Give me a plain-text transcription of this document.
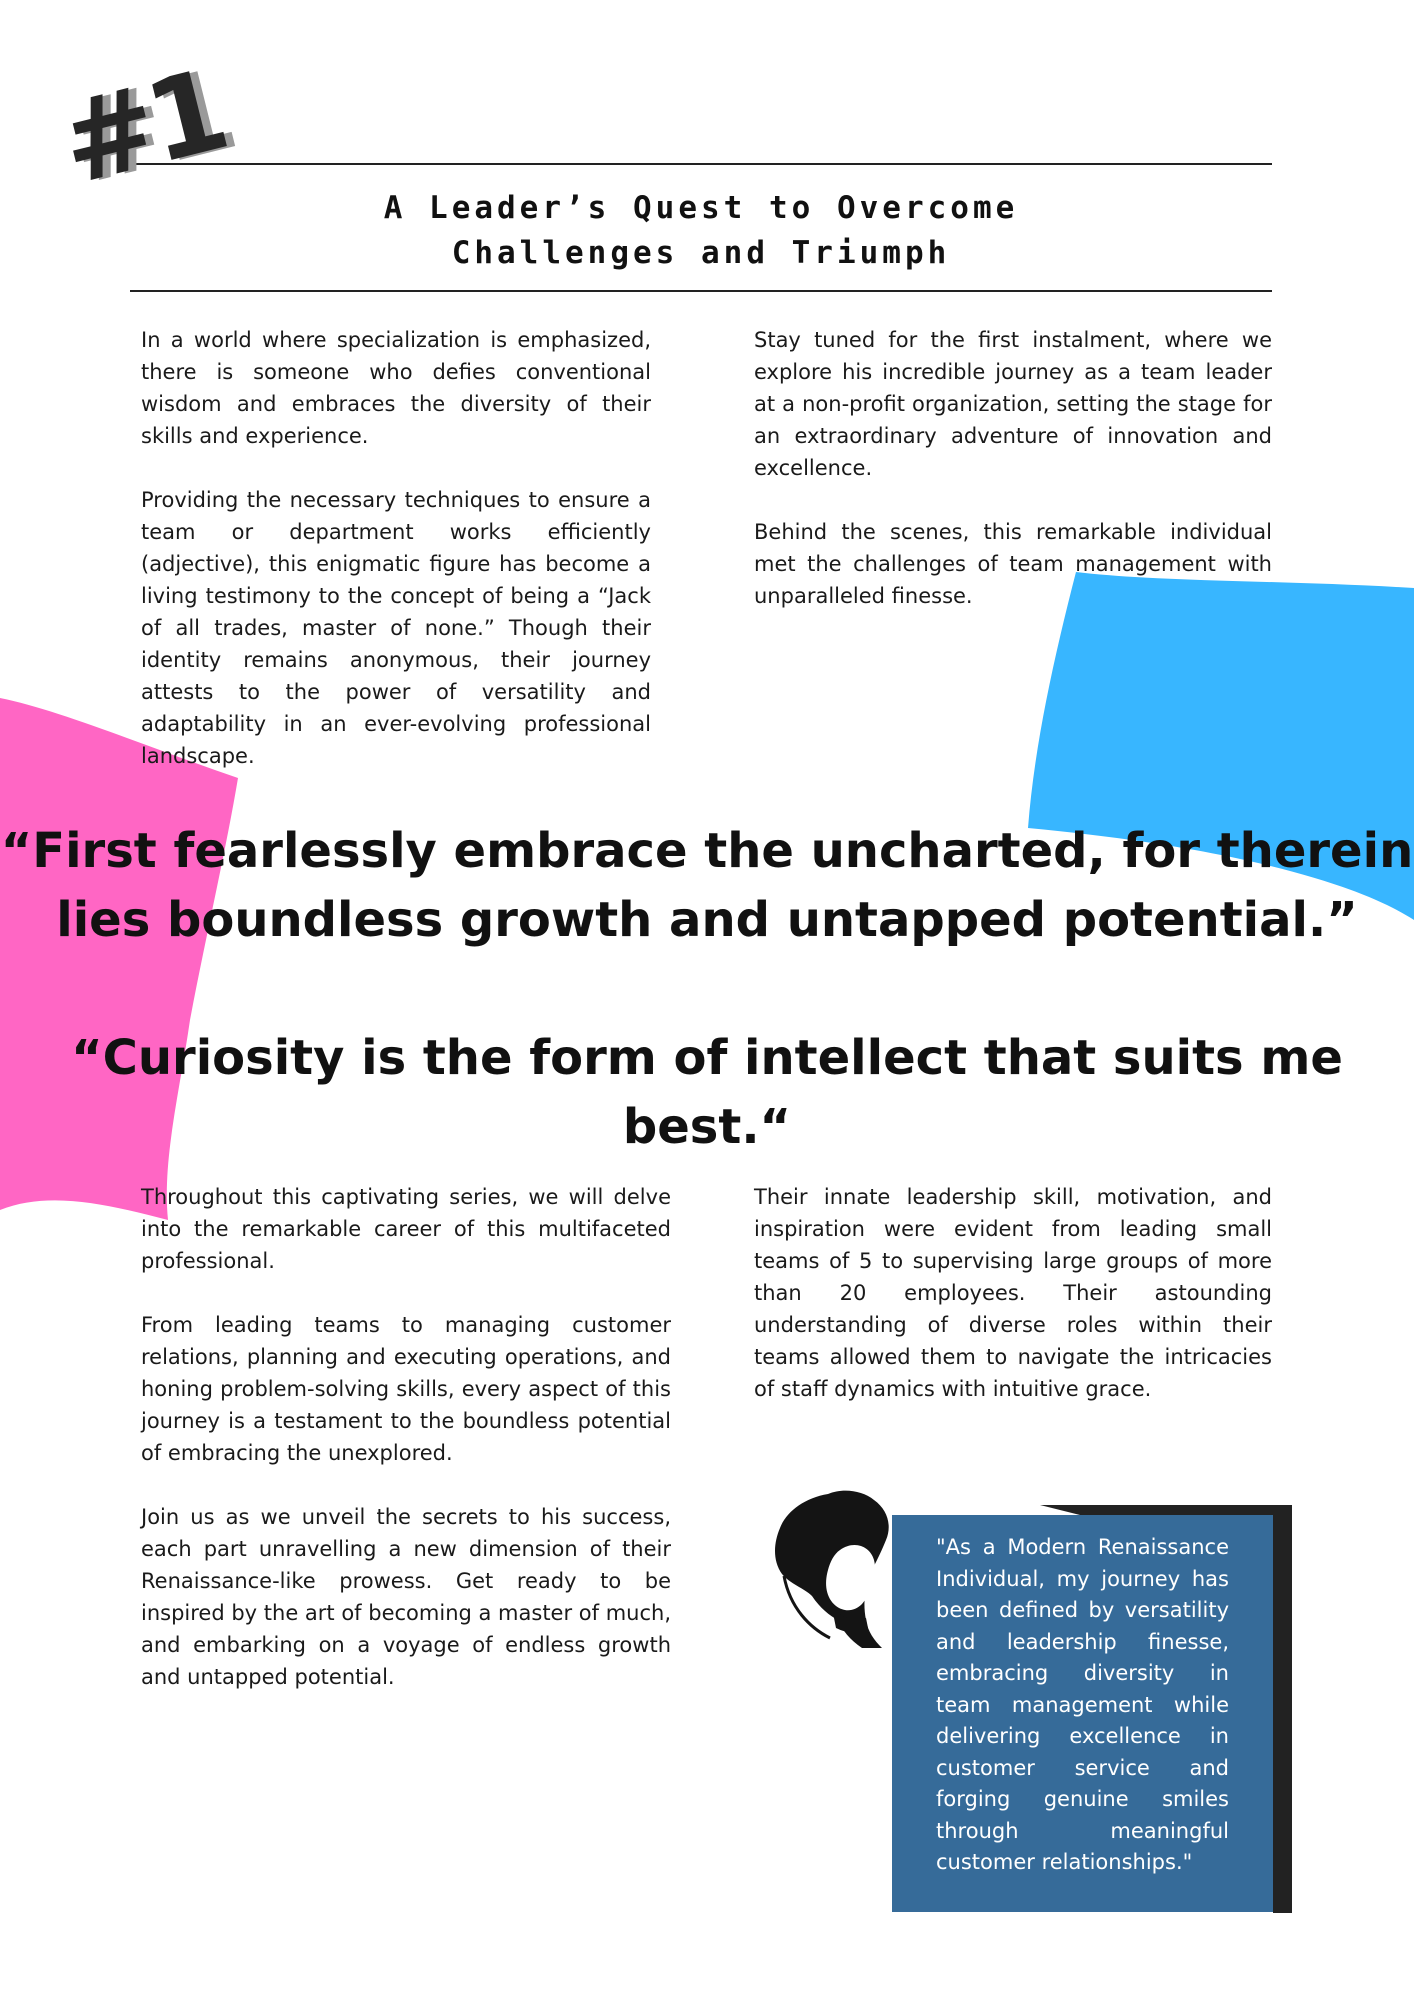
#1	A Leader’s Quest to Overcome
Challenges and Triumph

In a world where specialization is emphasized, there is someone who defies conventional wisdom and embraces the diversity of their skills and experience.

Providing the necessary techniques to ensure a team or department works efficiently (adjective), this enigmatic figure has become a living testimony to the concept of being a “Jack of all trades, master of none.” Though their identity remains anonymous, their journey attests to the power of versatility and adaptability in an ever-evolving professional landscape.

Stay tuned for the first instalment, where we explore his incredible journey as a team leader at a non-profit organization, setting the stage for an extraordinary adventure of innovation and excellence.

Behind the scenes, this remarkable individual met the challenges of team management with unparalleled finesse.

“First fearlessly embrace the uncharted, for therein
lies boundless growth and untapped potential.”

“Curiosity is the form of intellect that suits me best.“

Throughout this captivating series, we will delve into the remarkable career of this multifaceted professional.

From leading teams to managing customer relations, planning and executing operations, and honing problem-solving skills, every aspect of this journey is a testament to the boundless potential of embracing the unexplored.

Join us as we unveil the secrets to his success, each part unravelling a new dimension of their Renaissance-like prowess. Get ready to be inspired by the art of becoming a master of much, and embarking on a voyage of endless growth and untapped potential.

Their innate leadership skill, motivation, and inspiration were evident from leading small teams of 5 to supervising large groups of more than 20 employees. Their astounding understanding of diverse roles within their teams allowed them to navigate the intricacies of staff dynamics with intuitive grace.

"As a Modern Renaissance Individual, my journey has been defined by versatility and leadership finesse, embracing diversity in team management while delivering excellence in customer service and forging genuine smiles through meaningful customer relationships."
